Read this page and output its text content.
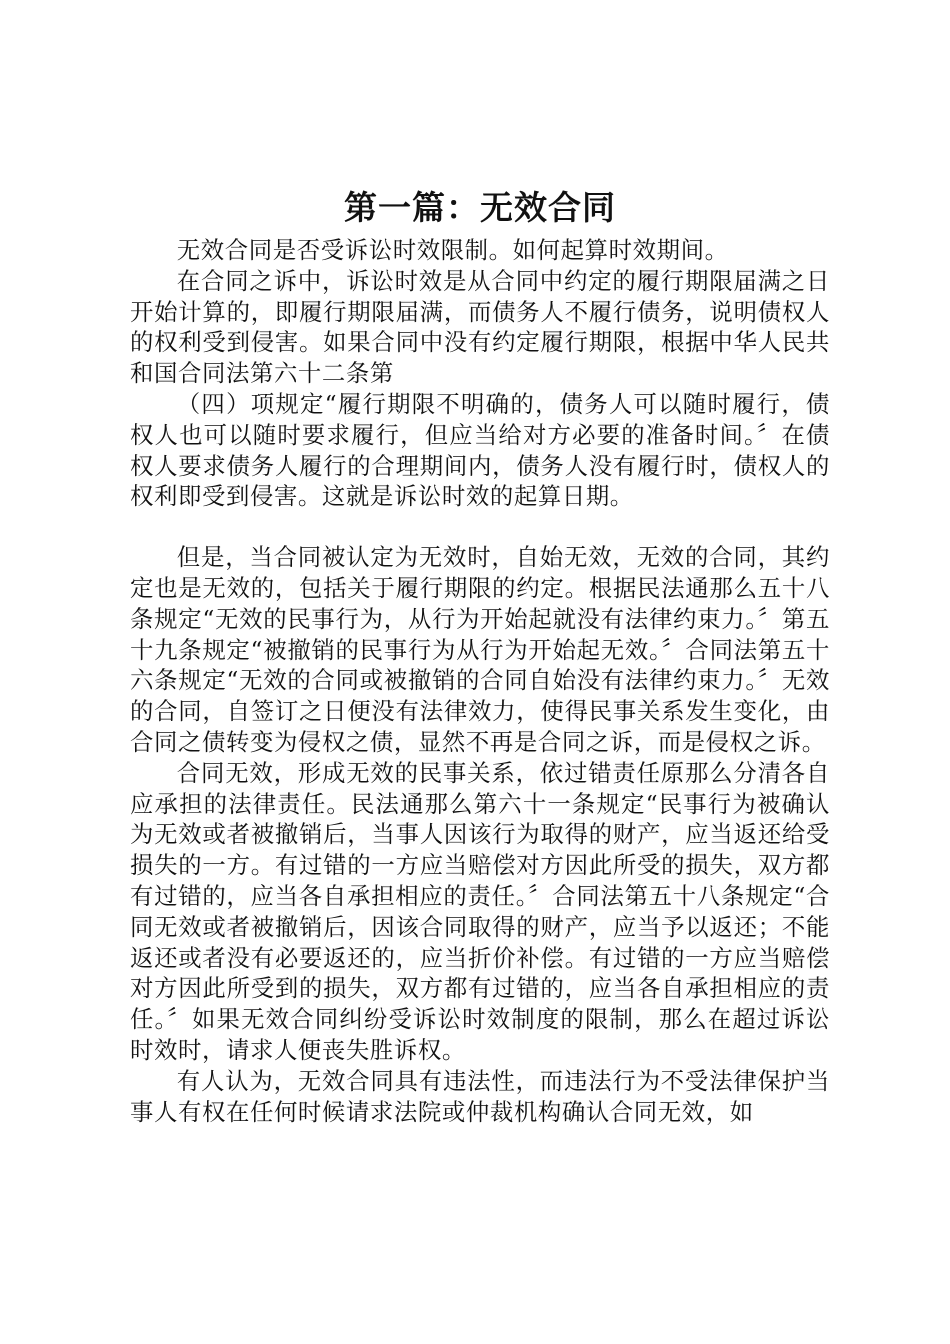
第一篇：无效合同

无效合同是否受诉讼时效限制。如何起算时效期间。

在合同之诉中，诉讼时效是从合同中约定的履行期限届满之日开始计算的，即履行期限届满，而债务人不履行债务，说明债权人的权利受到侵害。如果合同中没有约定履行期限，根据中华人民共和国合同法第六十二条第

（四）项规定“履行期限不明确的，债务人可以随时履行，债权人也可以随时要求履行，但应当给对方必要的准备时间。〞在债权人要求债务人履行的合理期间内，债务人没有履行时，债权人的权利即受到侵害。这就是诉讼时效的起算日期。

但是，当合同被认定为无效时，自始无效，无效的合同，其约定也是无效的，包括关于履行期限的约定。根据民法通那么五十八条规定“无效的民事行为，从行为开始起就没有法律约束力。〞第五十九条规定“被撤销的民事行为从行为开始起无效。〞合同法第五十六条规定“无效的合同或被撤销的合同自始没有法律约束力。〞无效的合同，自签订之日便没有法律效力，使得民事关系发生变化，由合同之债转变为侵权之债，显然不再是合同之诉，而是侵权之诉。

合同无效，形成无效的民事关系，依过错责任原那么分清各自应承担的法律责任。民法通那么第六十一条规定“民事行为被确认为无效或者被撤销后，当事人因该行为取得的财产，应当返还给受损失的一方。有过错的一方应当赔偿对方因此所受的损失，双方都有过错的，应当各自承担相应的责任。〞合同法第五十八条规定“合同无效或者被撤销后，因该合同取得的财产，应当予以返还；不能返还或者没有必要返还的，应当折价补偿。有过错的一方应当赔偿对方因此所受到的损失，双方都有过错的，应当各自承担相应的责任。〞如果无效合同纠纷受诉讼时效制度的限制，那么在超过诉讼时效时，请求人便丧失胜诉权。

有人认为，无效合同具有违法性，而违法行为不受法律保护当事人有权在任何时候请求法院或仲裁机构确认合同无效，如
